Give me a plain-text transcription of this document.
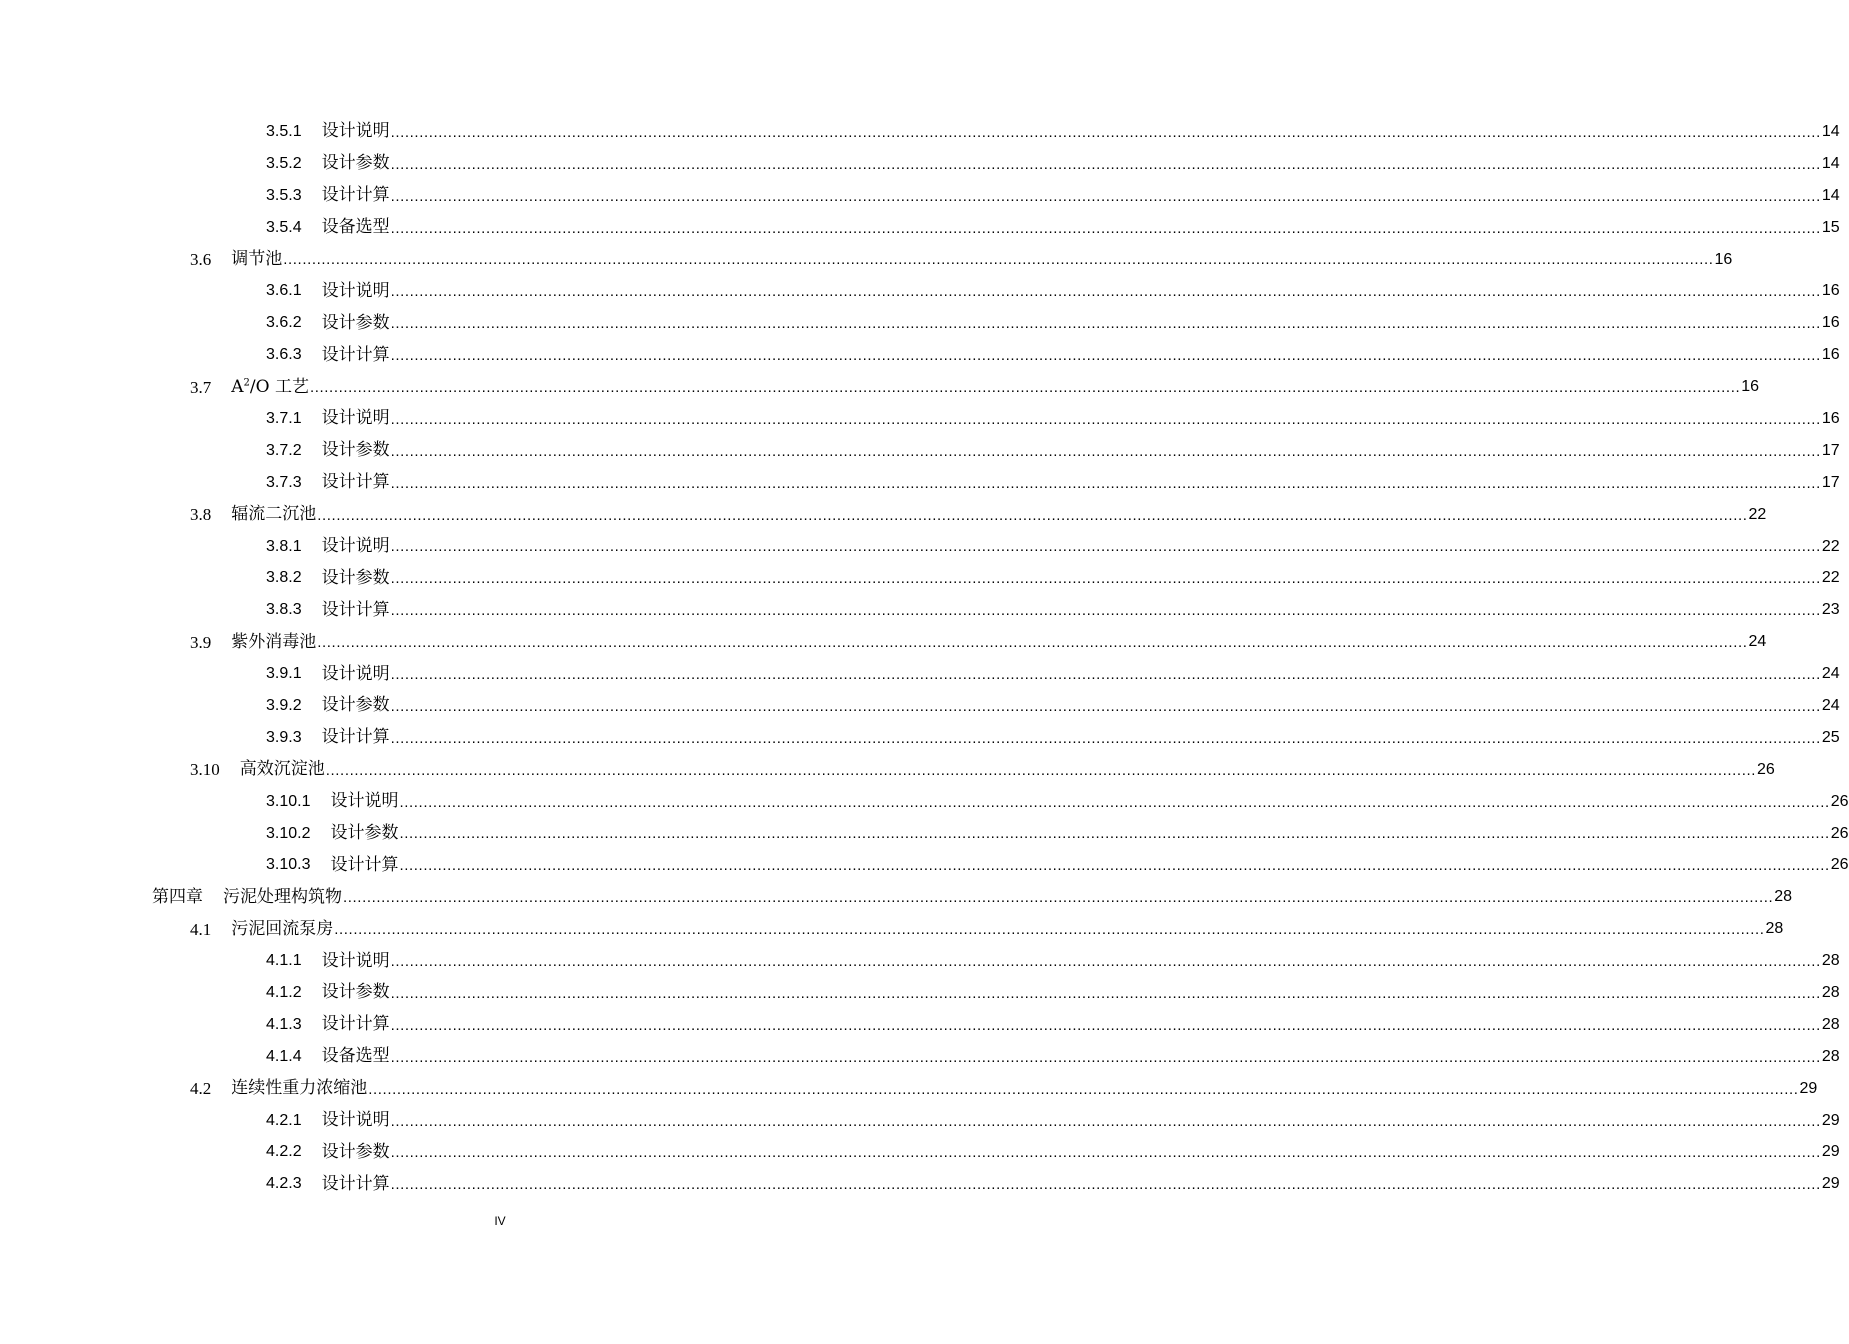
3.5.1 设计说明 ............................................................................................................................................................................................................................................................................................................ 14
3.5.2 设计参数 ............................................................................................................................................................................................................................................................................................................ 14
3.5.3 设计计算 ............................................................................................................................................................................................................................................................................................................ 14
3.5.4 设备选型 ............................................................................................................................................................................................................................................................................................................ 15
3.6 调节池 ............................................................................................................................................................................................................................................................................................................ 16
3.6.1 设计说明 ............................................................................................................................................................................................................................................................................................................ 16
3.6.2 设计参数 ............................................................................................................................................................................................................................................................................................................ 16
3.6.3 设计计算 ............................................................................................................................................................................................................................................................................................................ 16
3.7 $A^2/O$ 工艺 ............................................................................................................................................................................................................................................................................................................ 16
3.7.1 设计说明 ............................................................................................................................................................................................................................................................................................................ 16
3.7.2 设计参数 ............................................................................................................................................................................................................................................................................................................ 17
3.7.3 设计计算 ............................................................................................................................................................................................................................................................................................................ 17
3.8 辐流二沉池 ............................................................................................................................................................................................................................................................................................................ 22
3.8.1 设计说明 ............................................................................................................................................................................................................................................................................................................ 22
3.8.2 设计参数 ............................................................................................................................................................................................................................................................................................................ 22
3.8.3 设计计算 ............................................................................................................................................................................................................................................................................................................ 23
3.9 紫外消毒池 ............................................................................................................................................................................................................................................................................................................ 24
3.9.1 设计说明 ............................................................................................................................................................................................................................................................................................................ 24
3.9.2 设计参数 ............................................................................................................................................................................................................................................................................................................ 24
3.9.3 设计计算 ............................................................................................................................................................................................................................................................................................................ 25
3.10 高效沉淀池 ............................................................................................................................................................................................................................................................................................................ 26
3.10.1 设计说明 ............................................................................................................................................................................................................................................................................................................ 26
3.10.2 设计参数 ............................................................................................................................................................................................................................................................................................................ 26
3.10.3 设计计算 ............................................................................................................................................................................................................................................................................................................ 26
第四章 污泥处理构筑物 ............................................................................................................................................................................................................................................................................................................ 28
4.1 污泥回流泵房 ............................................................................................................................................................................................................................................................................................................ 28
4.1.1 设计说明 ............................................................................................................................................................................................................................................................................................................ 28
4.1.2 设计参数 ............................................................................................................................................................................................................................................................................................................ 28
4.1.3 设计计算 ............................................................................................................................................................................................................................................................................................................ 28
4.1.4 设备选型 ............................................................................................................................................................................................................................................................................................................ 28
4.2 连续性重力浓缩池 ............................................................................................................................................................................................................................................................................................................ 29
4.2.1 设计说明 ............................................................................................................................................................................................................................................................................................................ 29
4.2.2 设计参数 ............................................................................................................................................................................................................................................................................................................ 29
4.2.3 设计计算 ............................................................................................................................................................................................................................................................................................................ 29
IV
